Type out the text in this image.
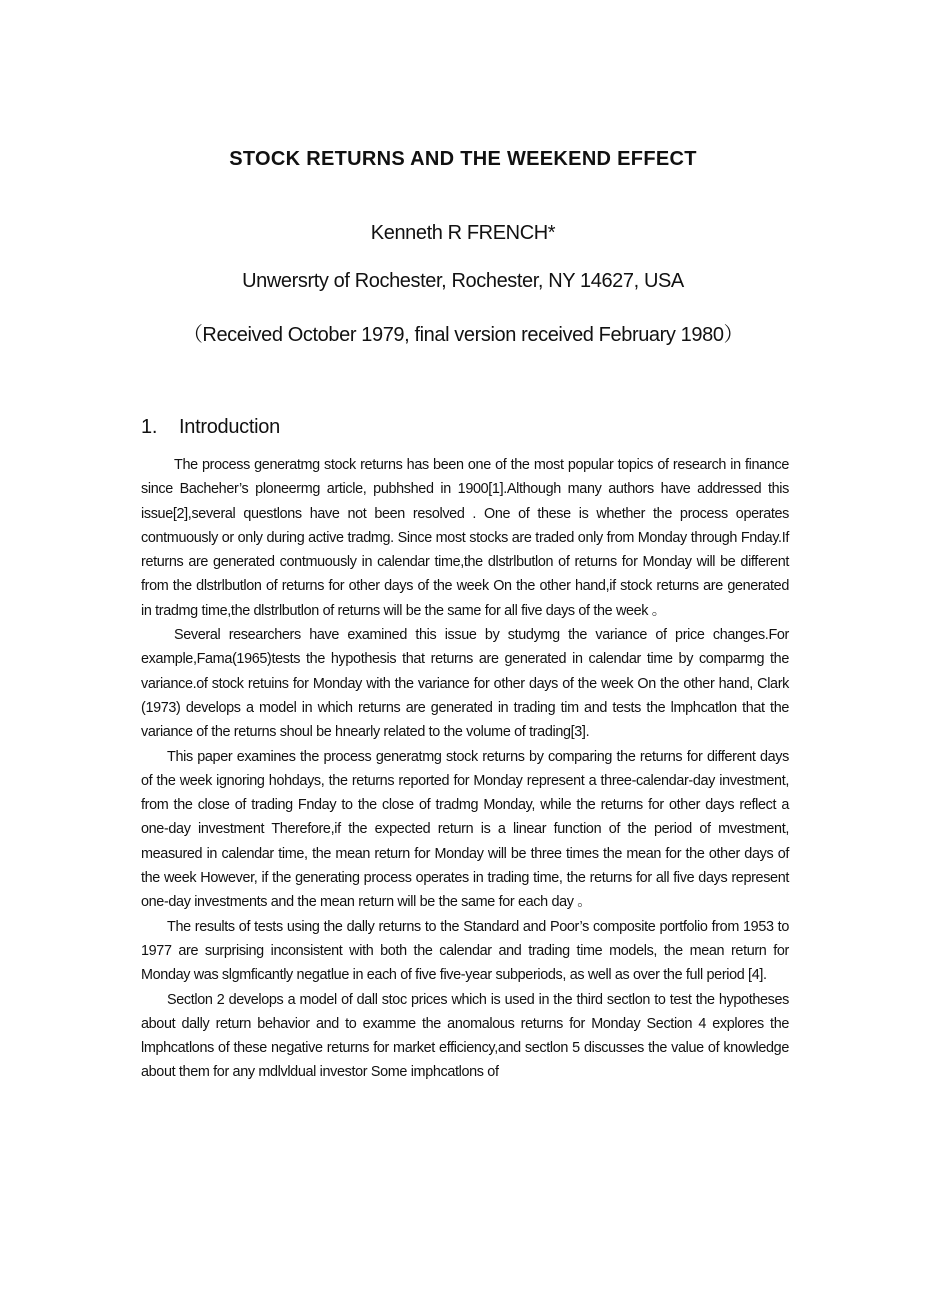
STOCK RETURNS AND THE WEEKEND EFFECT
Kenneth R FRENCH*
Unwersrty of Rochester, Rochester, NY 14627, USA
（Received October 1979, final version received February 1980）
1. Introduction

The process generatmg stock returns has been one of the most popular topics of research in finance since Bacheher’s ploneermg article, pubhshed in 1900[1].Although many authors have addressed this issue[2],several questlons have not been resolved . One of these is whether the process operates contmuously or only during active tradmg. Since most stocks are traded only from Monday through Fnday.If returns are generated contmuously in calendar time,the dlstrlbutlon of returns for Monday will be different from the dlstrlbutlon of returns for other days of the week On the other hand,if stock returns are generated in tradmg time,the dlstrlbutlon of returns will be the same for all five days of the week 。

Several researchers have examined this issue by studymg the variance of price changes.For example,Fama(1965)tests the hypothesis that returns are generated in calendar time by comparmg the variance.of stock retuins for Monday with the variance for other days of the week On the other hand, Clark (1973) develops a model in which returns are generated in trading tim and tests the lmphcatlon that the variance of the returns shoul be hnearly related to the volume of trading[3].

This paper examines the process generatmg stock returns by comparing the returns for different days of the week ignoring hohdays, the returns reported for Monday represent a three-calendar-day investment, from the close of trading Fnday to the close of tradmg Monday, while the returns for other days reflect a one-day investment Therefore,if the expected return is a linear function of the period of mvestment, measured in calendar time, the mean return for Monday will be three times the mean for the other days of the week However, if the generating process operates in trading time, the returns for all five days represent one-day investments and the mean return will be the same for each day 。

The results of tests using the dally returns to the Standard and Poor’s composite portfolio from 1953 to 1977 are surprising inconsistent with both the calendar and trading time models, the mean return for Monday was slgmficantly negatlue in each of five five-year subperiods, as well as over the full period [4].

Sectlon 2 develops a model of dall stoc prices which is used in the third sectlon to test the hypotheses about dally return behavior and to examme the anomalous returns for Monday Section 4 explores the lmphcatlons of these negative returns for market efficiency,and sectlon 5 discusses the value of knowledge about them for any mdlvldual investor Some imphcatlons of
